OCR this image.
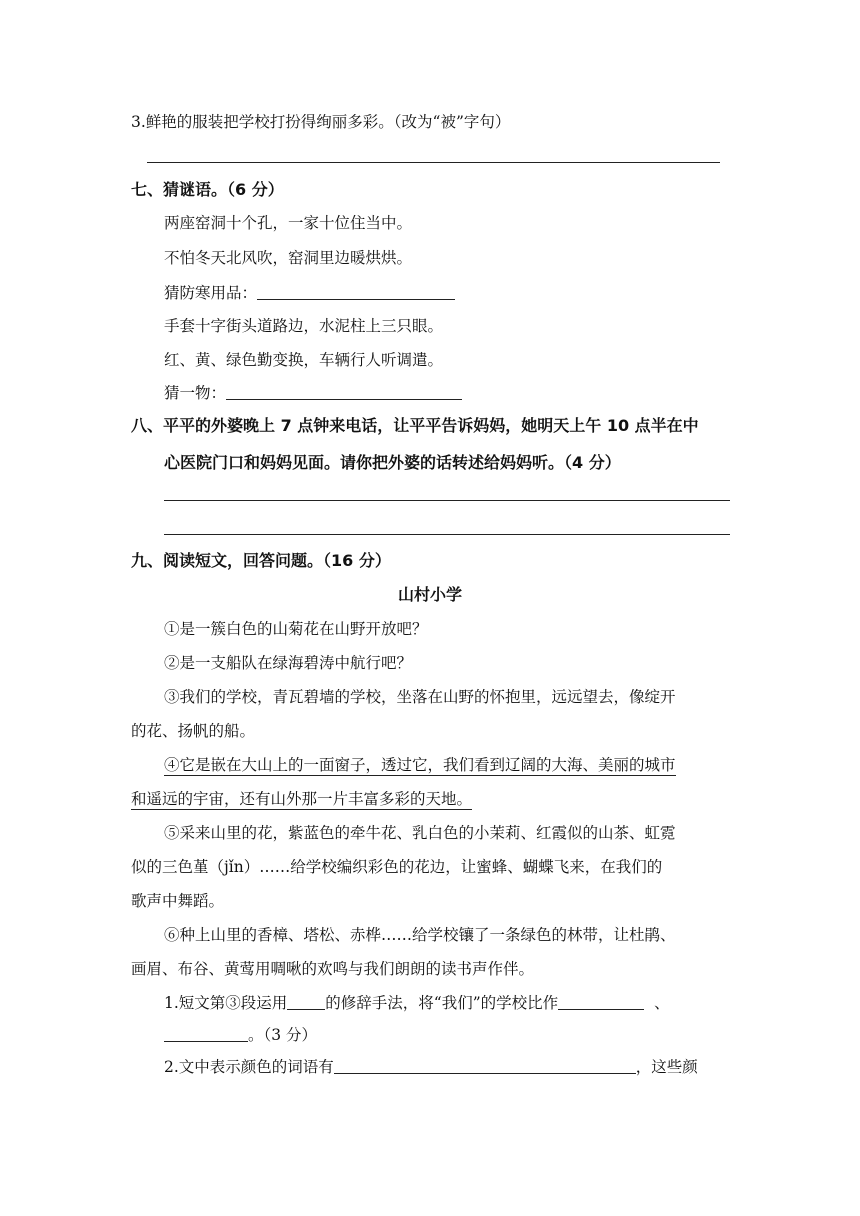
3.鲜艳的服装把学校打扮得绚丽多彩。（改为“被”字句）
七、猜谜语。（6 分）
两座窑洞十个孔，一家十位住当中。
不怕冬天北风吹，窑洞里边暖烘烘。
猜防寒用品：
手套十字街头道路边，水泥柱上三只眼。
红、黄、绿色勤变换，车辆行人听调遣。
猜一物：
八、平平的外婆晚上 7 点钟来电话，让平平告诉妈妈，她明天上午 10 点半在中
心医院门口和妈妈见面。请你把外婆的话转述给妈妈听。（4 分）
九、阅读短文，回答问题。（16 分）
山村小学
①是一簇白色的山菊花在山野开放吧？
②是一支船队在绿海碧涛中航行吧？
③我们的学校，青瓦碧墙的学校，坐落在山野的怀抱里，远远望去，像绽开
的花、扬帆的船。
④它是嵌在大山上的一面窗子，透过它，我们看到辽阔的大海、美丽的城市
和遥远的宇宙，还有山外那一片丰富多彩的天地。
⑤采来山里的花，紫蓝色的牵牛花、乳白色的小茉莉、红霞似的山茶、虹霓
似的三色堇（jǐn）……给学校编织彩色的花边，让蜜蜂、蝴蝶飞来，在我们的
歌声中舞蹈。
⑥种上山里的香樟、塔松、赤桦……给学校镶了一条绿色的林带，让杜鹃、
画眉、布谷、黄莺用啁啾的欢鸣与我们朗朗的读书声作伴。
1.短文第③段运用 的修辞手法，将“我们”的学校比作	、
。（3 分）
2.文中表示颜色的词语有	，这些颜
